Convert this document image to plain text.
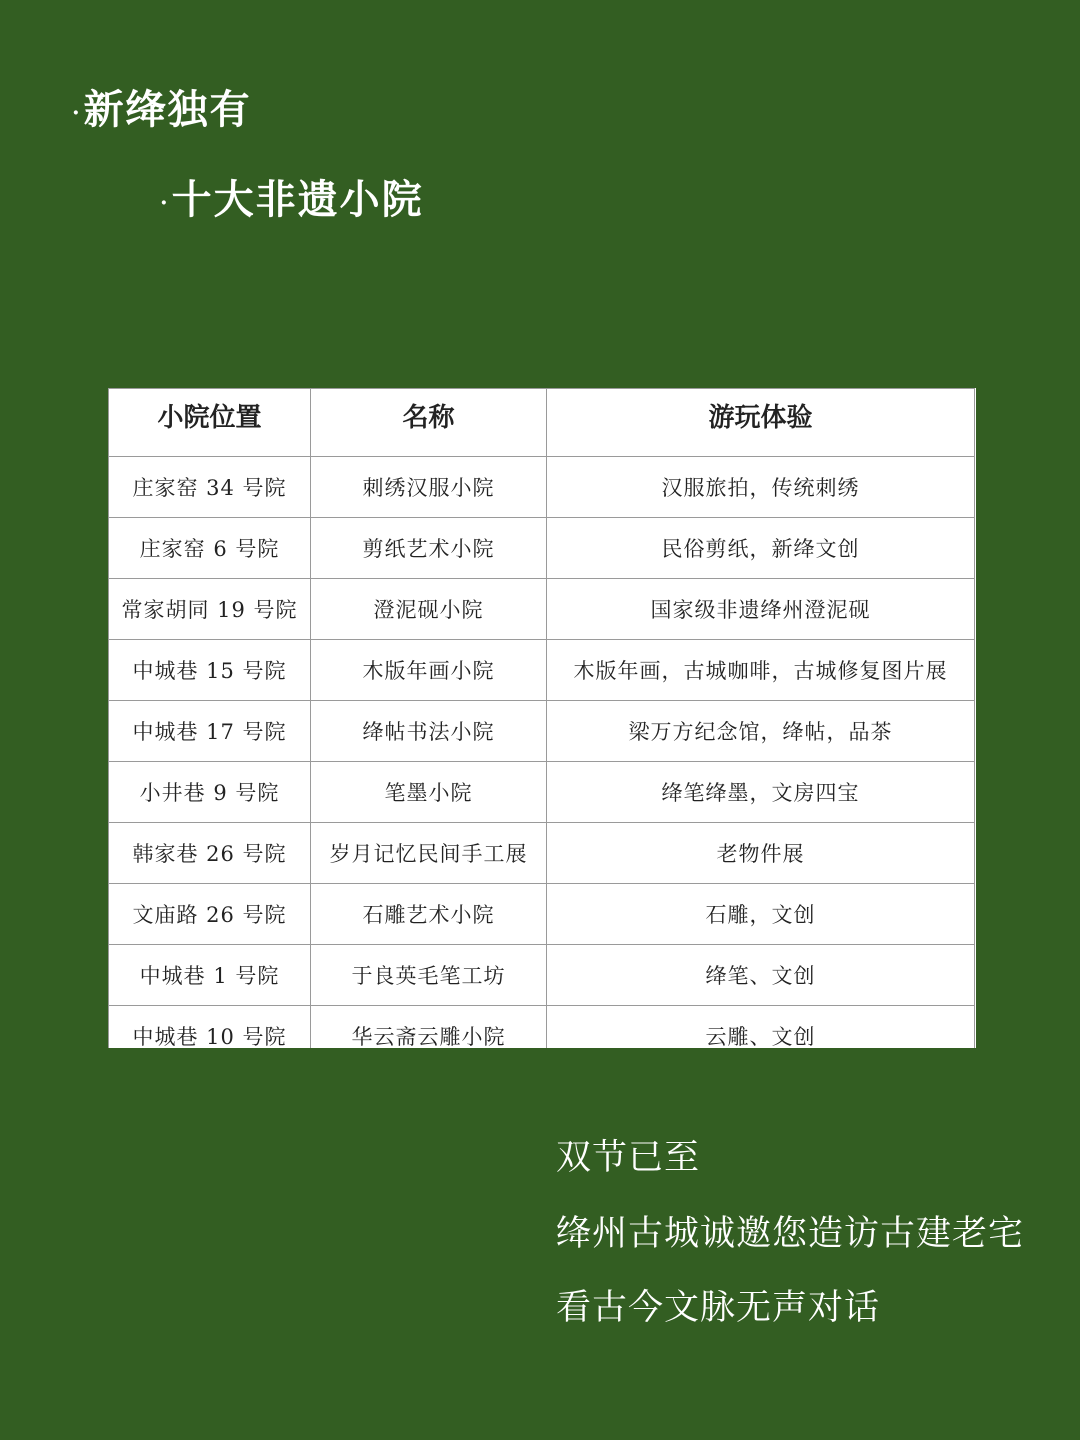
·新绛独有
·十大非遗小院
小院位置	名称	游玩体验
庄家窑 34 号院	刺绣汉服小院	汉服旅拍，传统刺绣
庄家窑 6 号院	剪纸艺术小院	民俗剪纸，新绛文创
常家胡同 19 号院	澄泥砚小院	国家级非遗绛州澄泥砚
中城巷 15 号院	木版年画小院	木版年画，古城咖啡，古城修复图片展
中城巷 17 号院	绛帖书法小院	梁万方纪念馆，绛帖，品茶
小井巷 9 号院	笔墨小院	绛笔绛墨，文房四宝
韩家巷 26 号院	岁月记忆民间手工展	老物件展
文庙路 26 号院	石雕艺术小院	石雕，文创
中城巷 1 号院	于良英毛笔工坊	绛笔、文创
中城巷 10 号院	华云斋云雕小院	云雕、文创

双节已至

绛州古城诚邀您造访古建老宅

看古今文脉无声对话
